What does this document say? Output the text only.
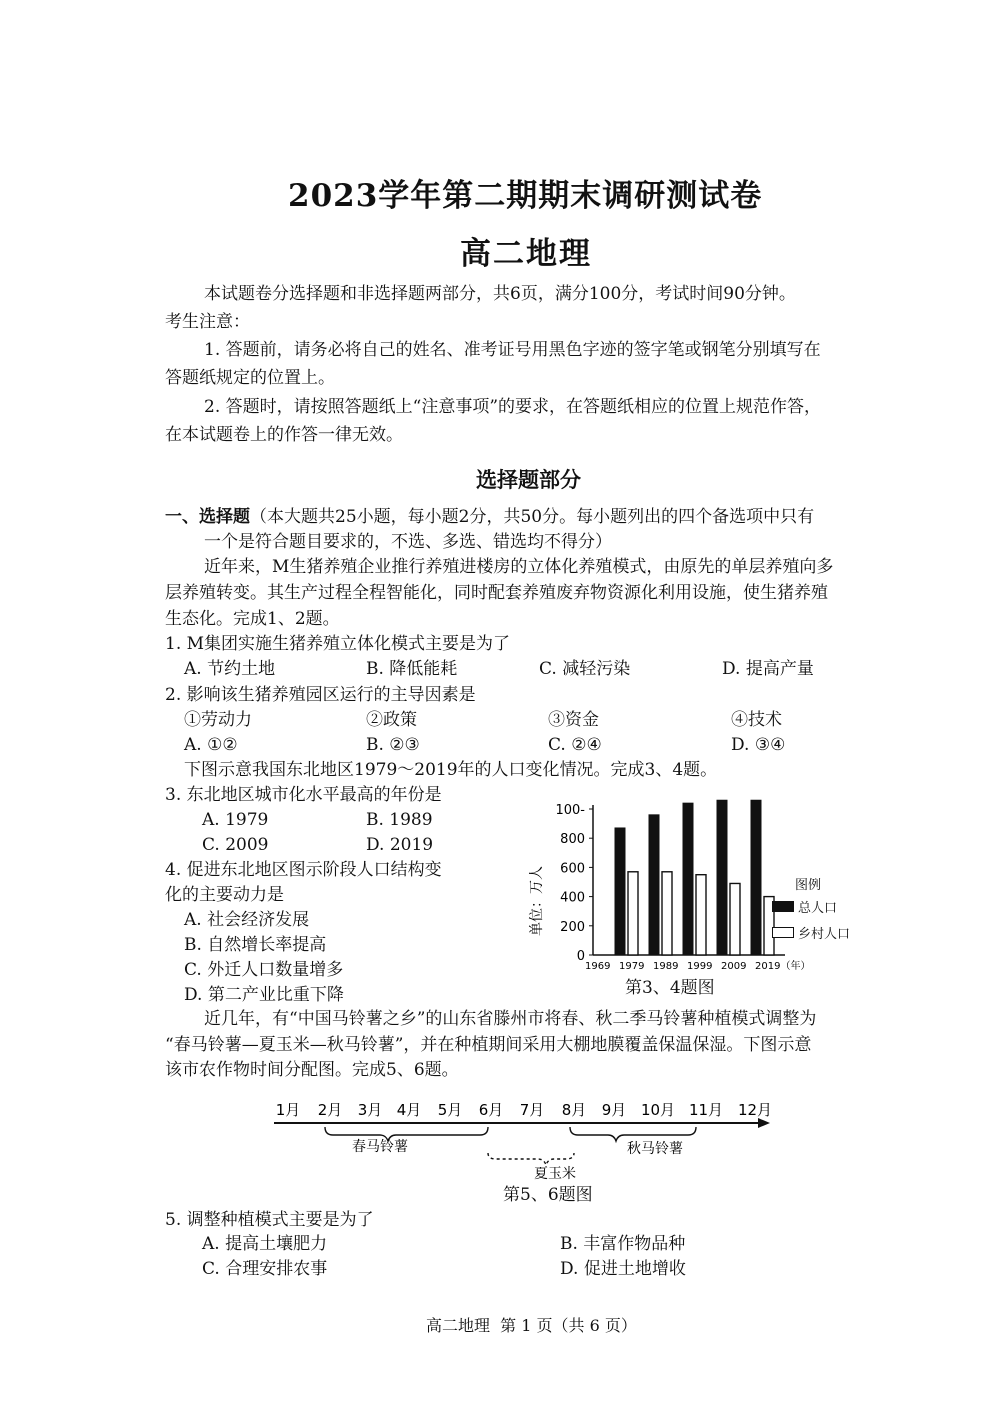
2023学年第二期期末调研测试卷
高二地理
本试题卷分选择题和非选择题两部分，共6页，满分100分，考试时间90分钟。
考生注意：
1. 答题前，请务必将自己的姓名、准考证号用黑色字迹的签字笔或钢笔分别填写在
答题纸规定的位置上。
2. 答题时，请按照答题纸上“注意事项”的要求，在答题纸相应的位置上规范作答，
在本试题卷上的作答一律无效。
选择题部分
一、选择题（本大题共25小题，每小题2分，共50分。每小题列出的四个备选项中只有
一个是符合题目要求的，不选、多选、错选均不得分）
近年来，M生猪养殖企业推行养殖进楼房的立体化养殖模式，由原先的单层养殖向多
层养殖转变。其生产过程全程智能化，同时配套养殖废弃物资源化利用设施，使生猪养殖
生态化。完成1、2题。
1. M集团实施生猪养殖立体化模式主要是为了
A. 节约土地	B. 降低能耗	C. 减轻污染	D. 提高产量
2. 影响该生猪养殖园区运行的主导因素是
①劳动力	②政策	③资金	④技术
A. ①②	B. ②③	C. ②④	D. ③④
下图示意我国东北地区1979～2019年的人口变化情况。完成3、4题。
3. 东北地区城市化水平最高的年份是
A. 1979	B. 1989
C. 2009	D. 2019
4. 促进东北地区图示阶段人口结构变
化的主要动力是
A. 社会经济发展
B. 自然增长率提高
C. 外迁人口数量增多
D. 第二产业比重下降
100-
800
600
400
200
0
1969 1979 1989 1999 2009 2019（年）
单位：万人	图例
总人口
乡村人口
第3、4题图
近几年，有“中国马铃薯之乡”的山东省滕州市将春、秋二季马铃薯种植模式调整为
“春马铃薯—夏玉米—秋马铃薯”，并在种植期间采用大棚地膜覆盖保温保湿。下图示意
该市农作物时间分配图。完成5、6题。
1月 2月 3月 4月 5月 6月 7月 8月 9月 10月 11月 12月
春马铃薯
夏玉米
秋马铃薯
第5、6题图
5. 调整种植模式主要是为了
A. 提高土壤肥力	B. 丰富作物品种
C. 合理安排农事	D. 促进土地增收
高二地理  第 1 页（共 6 页）
